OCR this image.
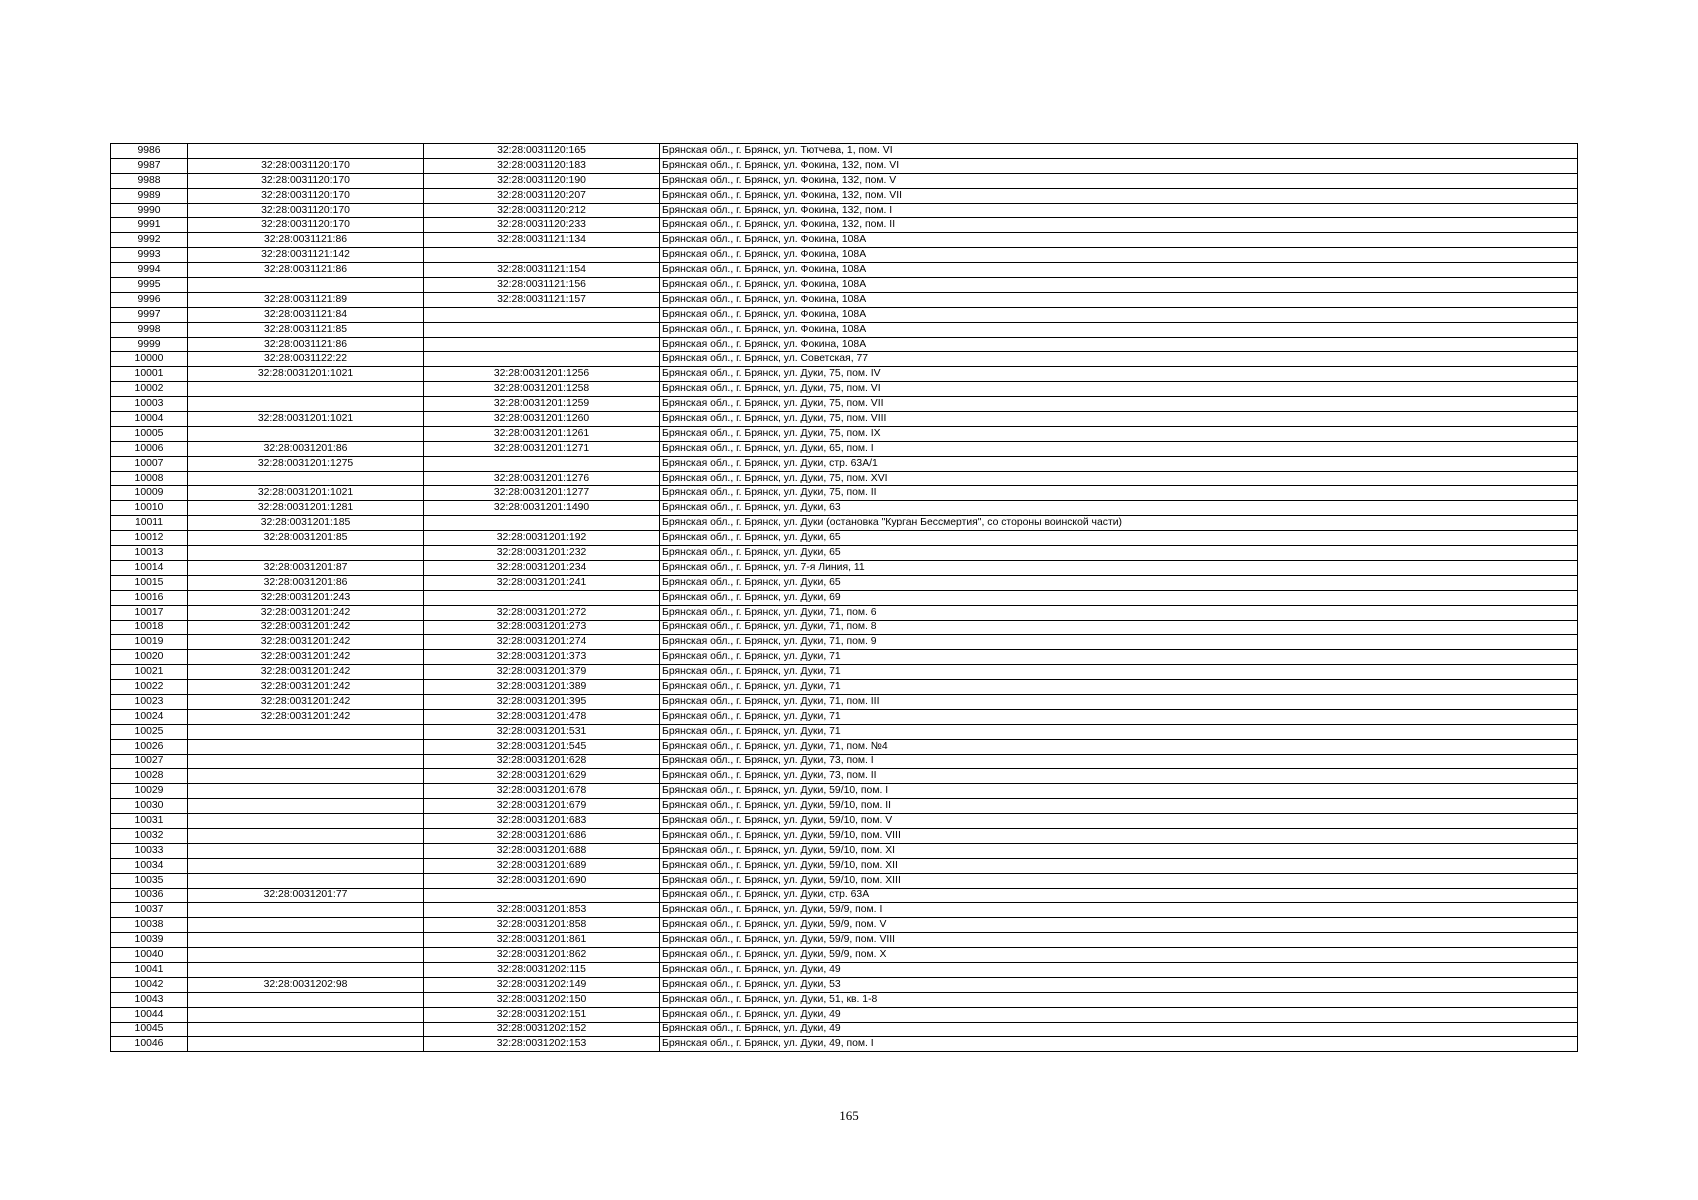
9986		32:28:0031120:165	Брянская обл., г. Брянск, ул. Тютчева, 1, пом. VI
9987	32:28:0031120:170	32:28:0031120:183	Брянская обл., г. Брянск, ул. Фокина, 132, пом. VI
9988	32:28:0031120:170	32:28:0031120:190	Брянская обл., г. Брянск, ул. Фокина, 132, пом. V
9989	32:28:0031120:170	32:28:0031120:207	Брянская обл., г. Брянск, ул. Фокина, 132, пом. VII
9990	32:28:0031120:170	32:28:0031120:212	Брянская обл., г. Брянск, ул. Фокина, 132, пом. I
9991	32:28:0031120:170	32:28:0031120:233	Брянская обл., г. Брянск, ул. Фокина, 132, пом. II
9992	32:28:0031121:86	32:28:0031121:134	Брянская обл., г. Брянск, ул. Фокина, 108А
9993	32:28:0031121:142		Брянская обл., г. Брянск, ул. Фокина, 108А
9994	32:28:0031121:86	32:28:0031121:154	Брянская обл., г. Брянск, ул. Фокина, 108А
9995		32:28:0031121:156	Брянская обл., г. Брянск, ул. Фокина, 108А
9996	32:28:0031121:89	32:28:0031121:157	Брянская обл., г. Брянск, ул. Фокина, 108А
9997	32:28:0031121:84		Брянская обл., г. Брянск, ул. Фокина, 108А
9998	32:28:0031121:85		Брянская обл., г. Брянск, ул. Фокина, 108А
9999	32:28:0031121:86		Брянская обл., г. Брянск, ул. Фокина, 108А
10000	32:28:0031122:22		Брянская обл., г. Брянск, ул. Советская, 77
10001	32:28:0031201:1021	32:28:0031201:1256	Брянская обл., г. Брянск, ул. Дуки, 75, пом. IV
10002		32:28:0031201:1258	Брянская обл., г. Брянск, ул. Дуки, 75, пом. VI
10003		32:28:0031201:1259	Брянская обл., г. Брянск, ул. Дуки, 75, пом. VII
10004	32:28:0031201:1021	32:28:0031201:1260	Брянская обл., г. Брянск, ул. Дуки, 75, пом. VIII
10005		32:28:0031201:1261	Брянская обл., г. Брянск, ул. Дуки, 75, пом. IX
10006	32:28:0031201:86	32:28:0031201:1271	Брянская обл., г. Брянск, ул. Дуки, 65, пом. I
10007	32:28:0031201:1275		Брянская обл., г. Брянск, ул. Дуки, стр. 63А/1
10008		32:28:0031201:1276	Брянская обл., г. Брянск, ул. Дуки, 75, пом. XVI
10009	32:28:0031201:1021	32:28:0031201:1277	Брянская обл., г. Брянск, ул. Дуки, 75, пом. II
10010	32:28:0031201:1281	32:28:0031201:1490	Брянская обл., г. Брянск, ул. Дуки, 63
10011	32:28:0031201:185		Брянская обл., г. Брянск, ул. Дуки (остановка "Курган Бессмертия", со стороны воинской части)
10012	32:28:0031201:85	32:28:0031201:192	Брянская обл., г. Брянск, ул. Дуки, 65
10013		32:28:0031201:232	Брянская обл., г. Брянск, ул. Дуки, 65
10014	32:28:0031201:87	32:28:0031201:234	Брянская обл., г. Брянск, ул. 7-я Линия, 11
10015	32:28:0031201:86	32:28:0031201:241	Брянская обл., г. Брянск, ул. Дуки, 65
10016	32:28:0031201:243		Брянская обл., г. Брянск, ул. Дуки, 69
10017	32:28:0031201:242	32:28:0031201:272	Брянская обл., г. Брянск, ул. Дуки, 71, пом. 6
10018	32:28:0031201:242	32:28:0031201:273	Брянская обл., г. Брянск, ул. Дуки, 71, пом. 8
10019	32:28:0031201:242	32:28:0031201:274	Брянская обл., г. Брянск, ул. Дуки, 71, пом. 9
10020	32:28:0031201:242	32:28:0031201:373	Брянская обл., г. Брянск, ул. Дуки, 71
10021	32:28:0031201:242	32:28:0031201:379	Брянская обл., г. Брянск, ул. Дуки, 71
10022	32:28:0031201:242	32:28:0031201:389	Брянская обл., г. Брянск, ул. Дуки, 71
10023	32:28:0031201:242	32:28:0031201:395	Брянская обл., г. Брянск, ул. Дуки, 71, пом. III
10024	32:28:0031201:242	32:28:0031201:478	Брянская обл., г. Брянск, ул. Дуки, 71
10025		32:28:0031201:531	Брянская обл., г. Брянск, ул. Дуки, 71
10026		32:28:0031201:545	Брянская обл., г. Брянск, ул. Дуки, 71, пом. №4
10027		32:28:0031201:628	Брянская обл., г. Брянск, ул. Дуки, 73, пом. I
10028		32:28:0031201:629	Брянская обл., г. Брянск, ул. Дуки, 73, пом. II
10029		32:28:0031201:678	Брянская обл., г. Брянск, ул. Дуки, 59/10, пом. I
10030		32:28:0031201:679	Брянская обл., г. Брянск, ул. Дуки, 59/10, пом. II
10031		32:28:0031201:683	Брянская обл., г. Брянск, ул. Дуки, 59/10, пом. V
10032		32:28:0031201:686	Брянская обл., г. Брянск, ул. Дуки, 59/10, пом. VIII
10033		32:28:0031201:688	Брянская обл., г. Брянск, ул. Дуки, 59/10, пом. XI
10034		32:28:0031201:689	Брянская обл., г. Брянск, ул. Дуки, 59/10, пом. XII
10035		32:28:0031201:690	Брянская обл., г. Брянск, ул. Дуки, 59/10, пом. XIII
10036	32:28:0031201:77		Брянская обл., г. Брянск, ул. Дуки, стр. 63А
10037		32:28:0031201:853	Брянская обл., г. Брянск, ул. Дуки, 59/9, пом. I
10038		32:28:0031201:858	Брянская обл., г. Брянск, ул. Дуки, 59/9, пом. V
10039		32:28:0031201:861	Брянская обл., г. Брянск, ул. Дуки, 59/9, пом. VIII
10040		32:28:0031201:862	Брянская обл., г. Брянск, ул. Дуки, 59/9, пом. X
10041		32:28:0031202:115	Брянская обл., г. Брянск, ул. Дуки, 49
10042	32:28:0031202:98	32:28:0031202:149	Брянская обл., г. Брянск, ул. Дуки, 53
10043		32:28:0031202:150	Брянская обл., г. Брянск, ул. Дуки, 51, кв. 1-8
10044		32:28:0031202:151	Брянская обл., г. Брянск, ул. Дуки, 49
10045		32:28:0031202:152	Брянская обл., г. Брянск, ул. Дуки, 49
10046		32:28:0031202:153	Брянская обл., г. Брянск, ул. Дуки, 49, пом. I
165
